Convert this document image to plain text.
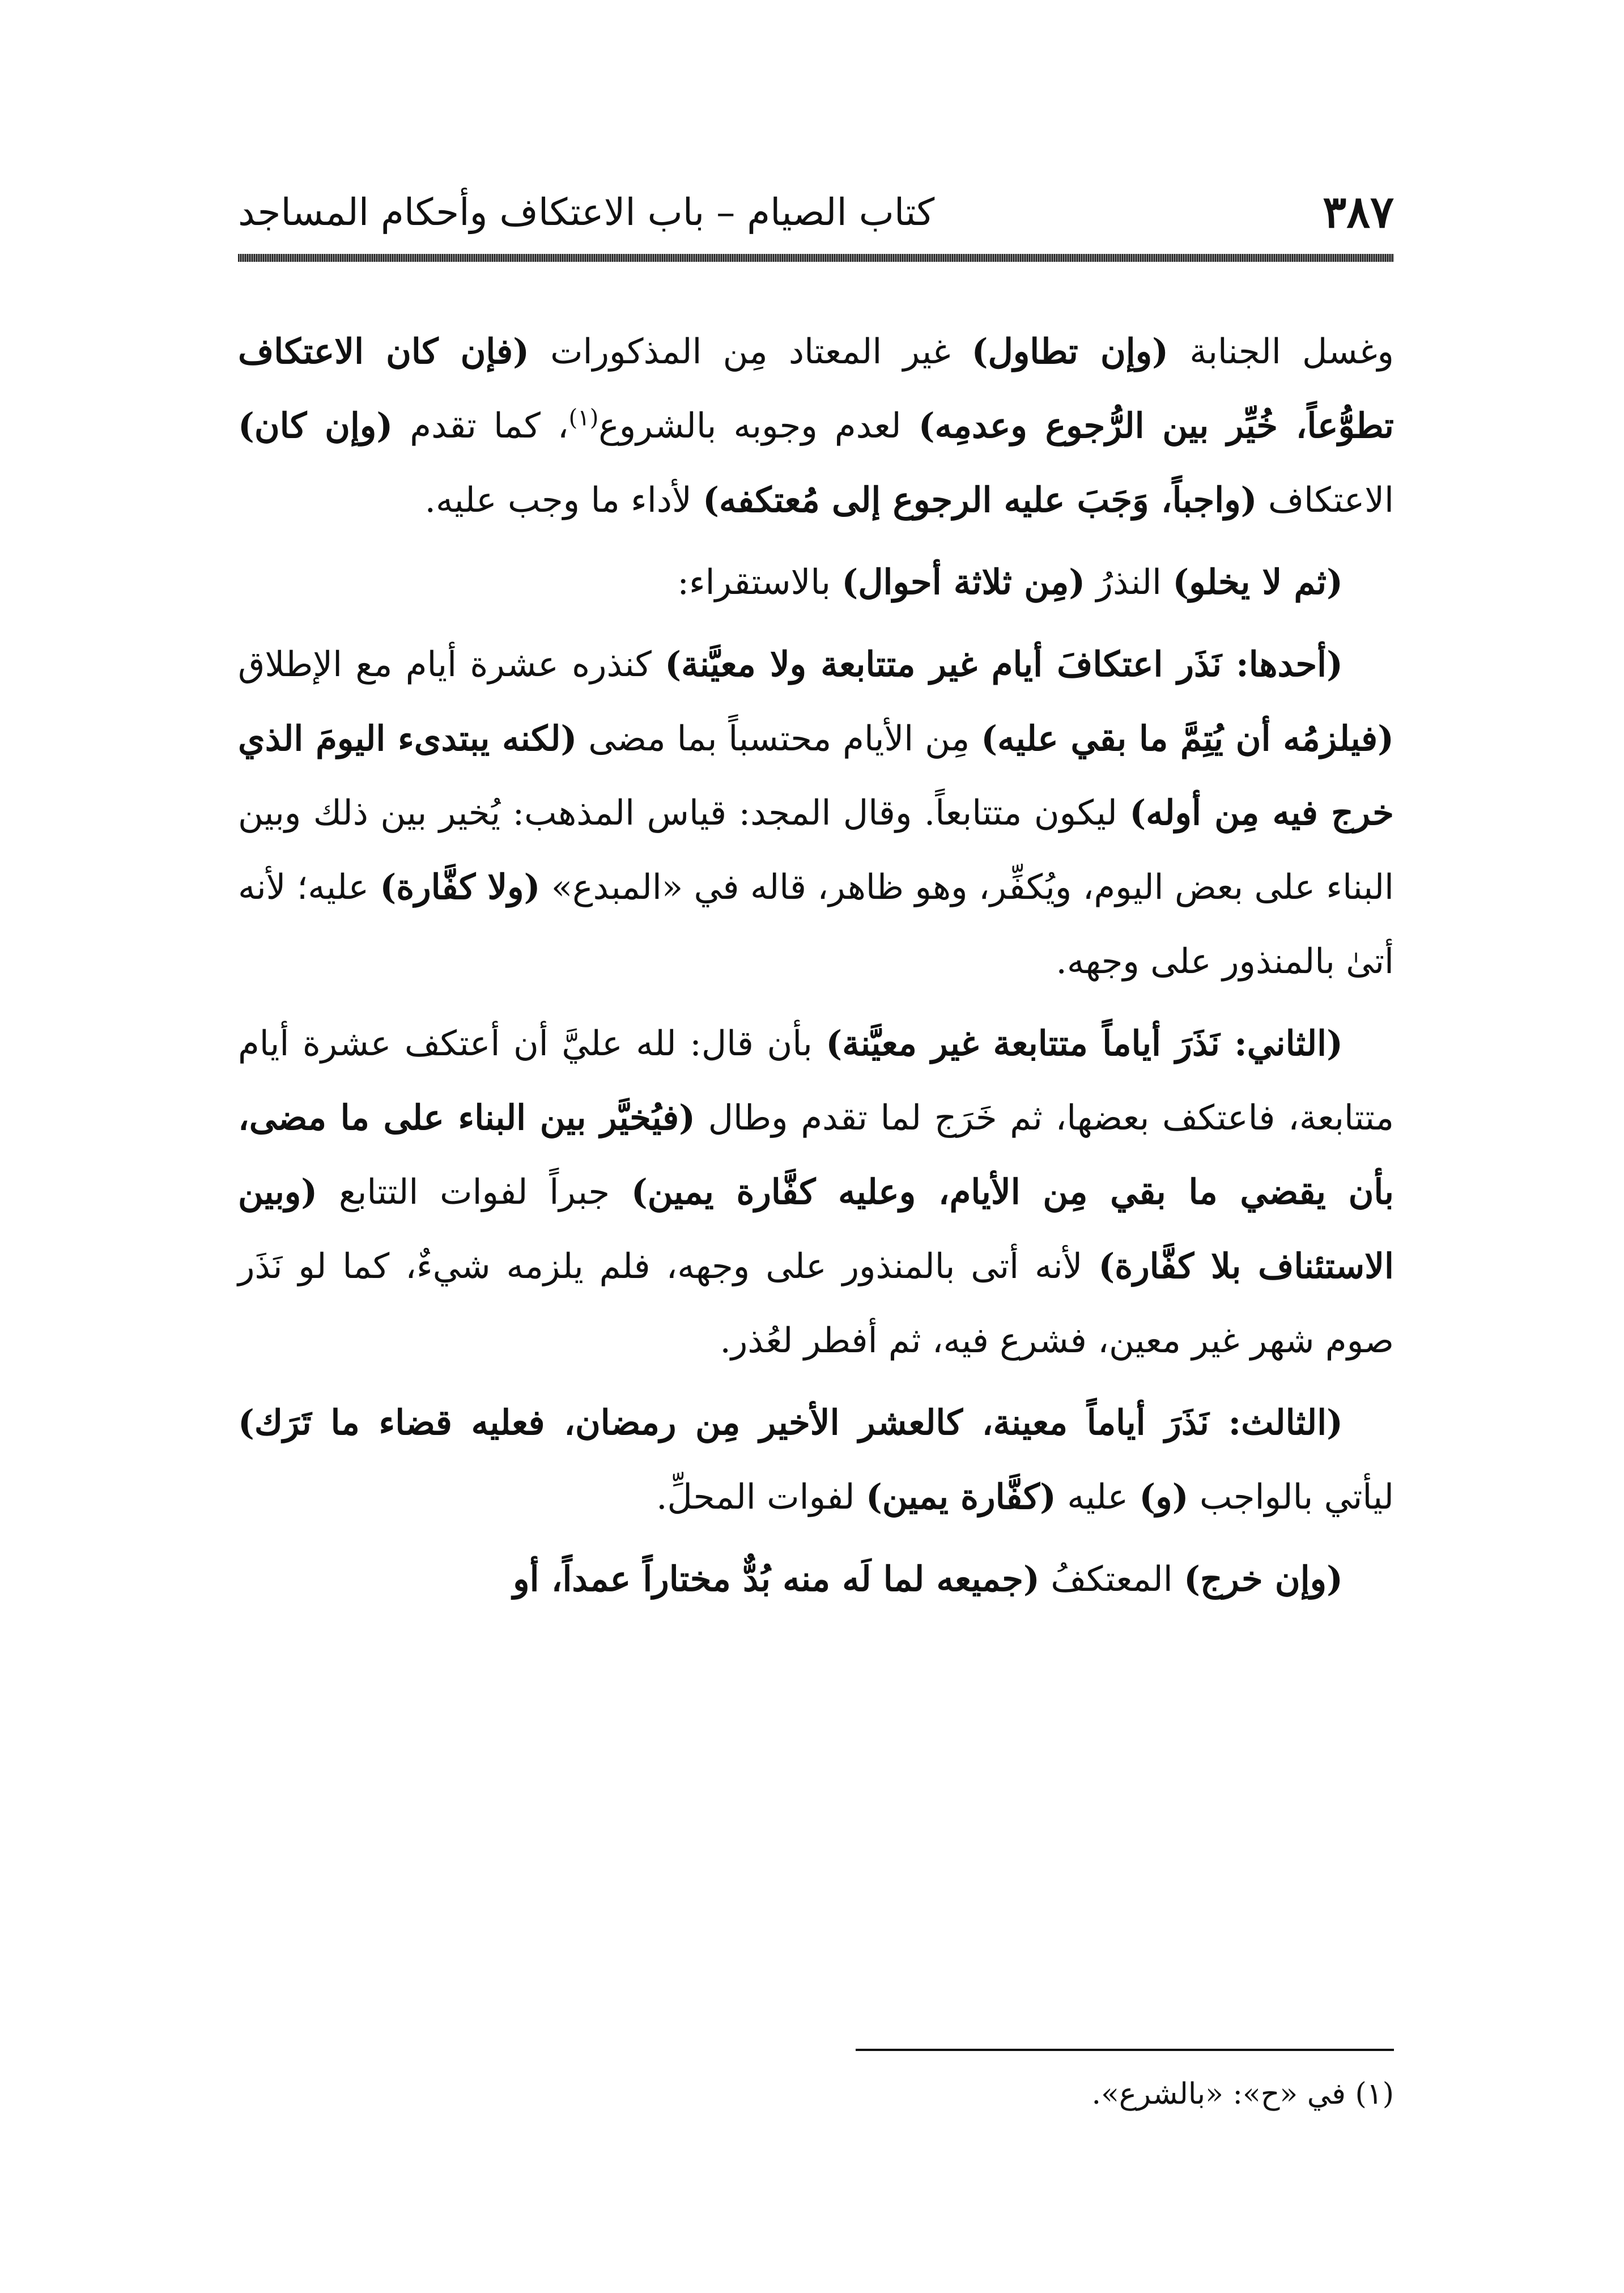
٣٨٧
كتاب الصيام – باب الاعتكاف وأحكام المساجد

وغسل الجنابة (وإن تطاول) غير المعتاد مِن المذكورات (فإن كان الاعتكاف تطوُّعاً، خُيِّر بين الرُّجوع وعدمِه) لعدم وجوبه بالشروع$^{(١)}$، كما تقدم (وإن كان) الاعتكاف (واجباً، وَجَبَ عليه الرجوع إلى مُعتكفه) لأداء ما وجب عليه.

(ثم لا يخلو) النذرُ (مِن ثلاثة أحوال) بالاستقراء:

(أحدها: نَذَر اعتكافَ أيام غير متتابعة ولا معيَّنة) كنذره عشرة أيام مع الإطلاق (فيلزمُه أن يُتِمَّ ما بقي عليه) مِن الأيام محتسباً بما مضى (لكنه يبتدىء اليومَ الذي خرج فيه مِن أوله) ليكون متتابعاً. وقال المجد: قياس المذهب: يُخير بين ذلك وبين البناء على بعض اليوم، ويُكفِّر، وهو ظاهر، قاله في «المبدع» (ولا كفَّارة) عليه؛ لأنه أتىٰ بالمنذور على وجهه.

(الثاني: نَذَرَ أياماً متتابعة غير معيَّنة) بأن قال: لله عليَّ أن أعتكف عشرة أيام متتابعة، فاعتكف بعضها، ثم خَرَج لما تقدم وطال (فيُخيَّر بين البناء على ما مضى، بأن يقضي ما بقي مِن الأيام، وعليه كفَّارة يمين) جبراً لفوات التتابع (وبين الاستئناف بلا كفَّارة) لأنه أتى بالمنذور على وجهه، فلم يلزمه شيءٌ، كما لو نَذَر صوم شهر غير معين، فشرع فيه، ثم أفطر لعُذر.

(الثالث: نَذَرَ أياماً معينة، كالعشر الأخير مِن رمضان، فعليه قضاء ما تَرَك) ليأتي بالواجب (و) عليه (كفَّارة يمين) لفوات المحلِّ.

(وإن خرج) المعتكفُ (جميعه لما لَه منه بُدٌّ مختاراً عمداً، أو

(١) في «ح»: «بالشرع».
